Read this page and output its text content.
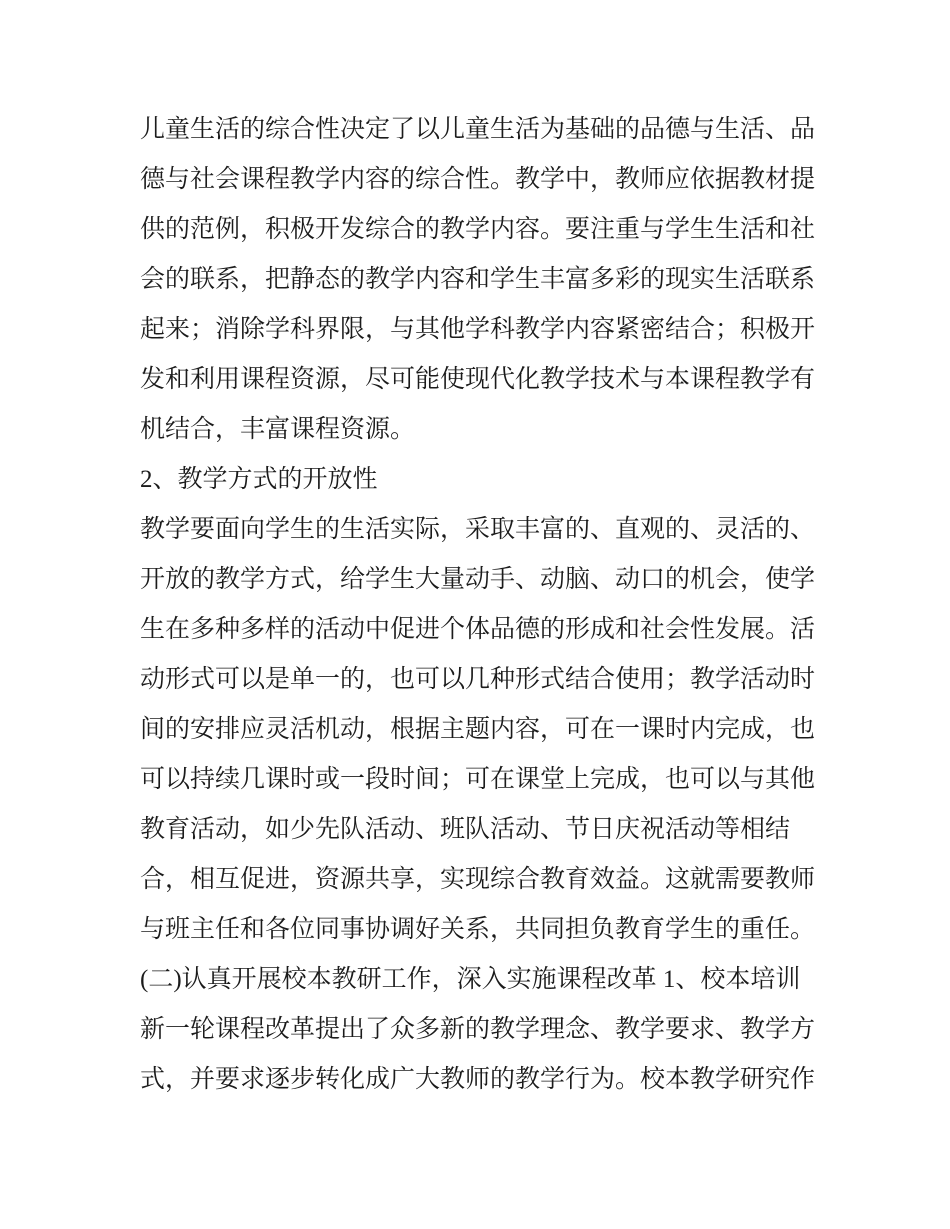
儿童生活的综合性决定了以儿童生活为基础的品德与生活、品
德与社会课程教学内容的综合性。教学中，教师应依据教材提
供的范例，积极开发综合的教学内容。要注重与学生生活和社
会的联系，把静态的教学内容和学生丰富多彩的现实生活联系
起来；消除学科界限，与其他学科教学内容紧密结合；积极开
发和利用课程资源，尽可能使现代化教学技术与本课程教学有
机结合，丰富课程资源。
2、教学方式的开放性
教学要面向学生的生活实际，采取丰富的、直观的、灵活的、
开放的教学方式，给学生大量动手、动脑、动口的机会，使学
生在多种多样的活动中促进个体品德的形成和社会性发展。活
动形式可以是单一的，也可以几种形式结合使用；教学活动时
间的安排应灵活机动，根据主题内容，可在一课时内完成，也
可以持续几课时或一段时间；可在课堂上完成，也可以与其他
教育活动，如少先队活动、班队活动、节日庆祝活动等相结
合，相互促进，资源共享，实现综合教育效益。这就需要教师
与班主任和各位同事协调好关系，共同担负教育学生的重任。
(二)认真开展校本教研工作，深入实施课程改革 1、校本培训
新一轮课程改革提出了众多新的教学理念、教学要求、教学方
式，并要求逐步转化成广大教师的教学行为。校本教学研究作
